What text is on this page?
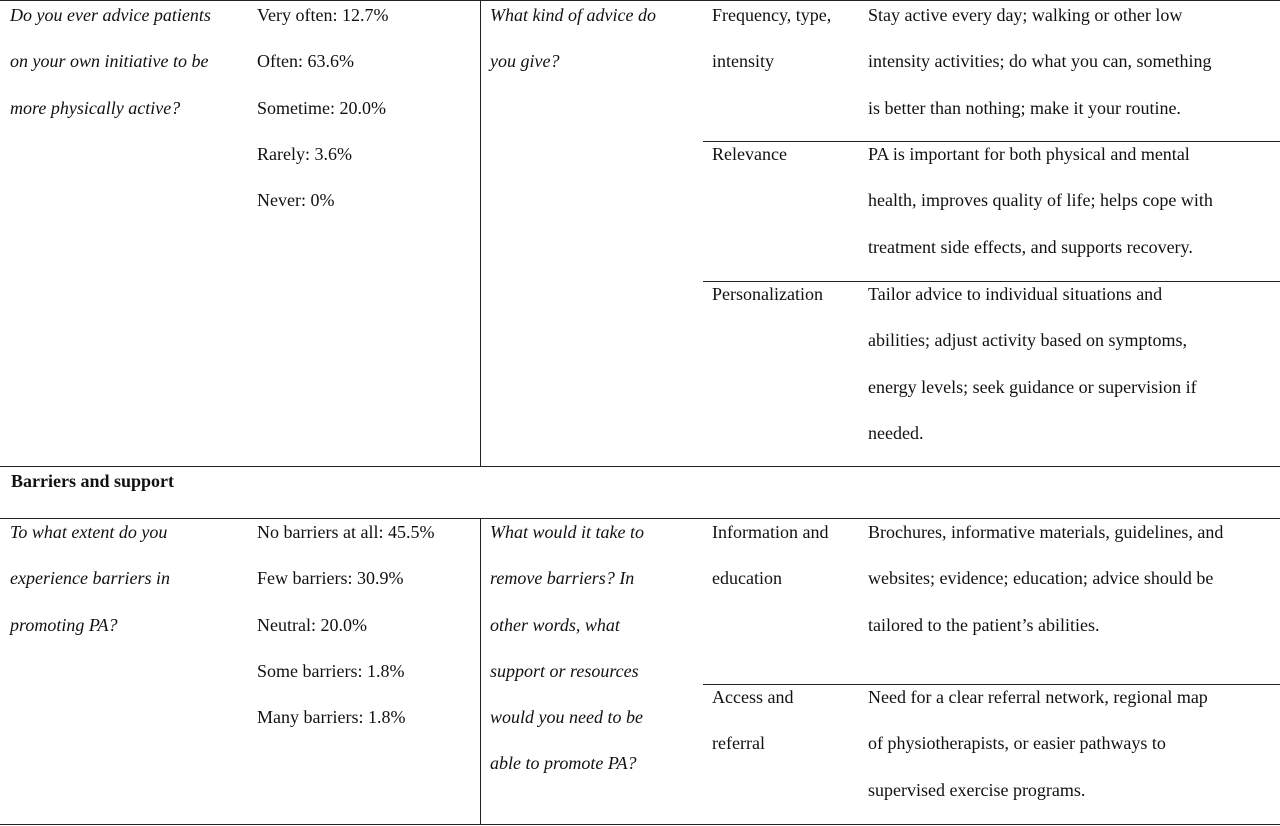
Do you ever advice patients
on your own initiative to be
more physically active?
Very often: 12.7%
Often: 63.6%
Sometime: 20.0%
Rarely: 3.6%
Never: 0%
What kind of advice do
you give?
Frequency, type,
intensity
Stay active every day; walking or other low
intensity activities; do what you can, something
is better than nothing; make it your routine.
Relevance	PA is important for both physical and mental
health, improves quality of life; helps cope with
treatment side effects, and supports recovery.
Personalization	Tailor advice to individual situations and
abilities; adjust activity based on symptoms,
energy levels; seek guidance or supervision if
needed.
Barriers and support
To what extent do you
experience barriers in
promoting PA?
No barriers at all: 45.5%
Few barriers: 30.9%
Neutral: 20.0%
Some barriers: 1.8%
Many barriers: 1.8%
What would it take to
remove barriers? In
other words, what
support or resources
would you need to be
able to promote PA?
Information and
education
Brochures, informative materials, guidelines, and
websites; evidence; education; advice should be
tailored to the patient’s abilities.
Access and
referral
Need for a clear referral network, regional map
of physiotherapists, or easier pathways to
supervised exercise programs.
